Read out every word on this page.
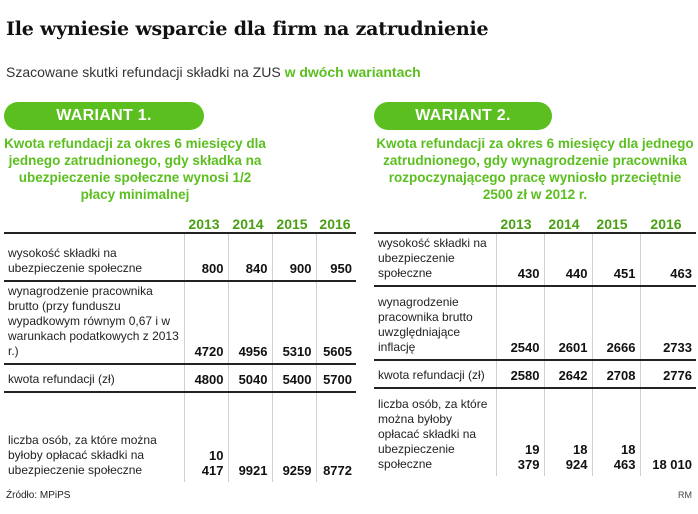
Ile wyniesie wsparcie dla firm na zatrudnienie
Szacowane skutki refundacji składki na ZUS w dwóch wariantach
WARIANT 1.
Kwota refundacji za okres 6 miesięcy dla jednego zatrudnionego, gdy składka na ubezpieczenie społeczne wynosi 1/2 płacy minimalnej
2013 2014 2015 2016
wysokość składki na ubezpieczenie społeczne	800	840	900	950
wynagrodzenie pracownika brutto (przy funduszu wypadkowym równym 0,67 i w warunkach podatkowych z 2013 r.)	4720	4956	5310	5605
kwota refundacji (zł)	4800	5040	5400	5700
liczba osób, za które można byłoby opłacać składki na ubezpieczenie społeczne	10 417	9921	9259	8772
WARIANT 2.
Kwota refundacji za okres 6 miesięcy dla jednego zatrudnionego, gdy wynagrodzenie pracownika rozpoczynającego pracę wyniosło przeciętnie 2500 zł w 2012 r.
2013	2014	2015	2016
wysokość składki na ubezpieczenie społeczne	430	440	451	463
wynagrodzenie pracownika brutto uwzględniające inflację	2540	2601	2666	2733
kwota refundacji (zł)	2580	2642	2708	2776
liczba osób, za które można byłoby opłacać składki na ubezpieczenie społeczne	19 379	18 924	18 463	18 010
Źródło: MPiPS	RM
